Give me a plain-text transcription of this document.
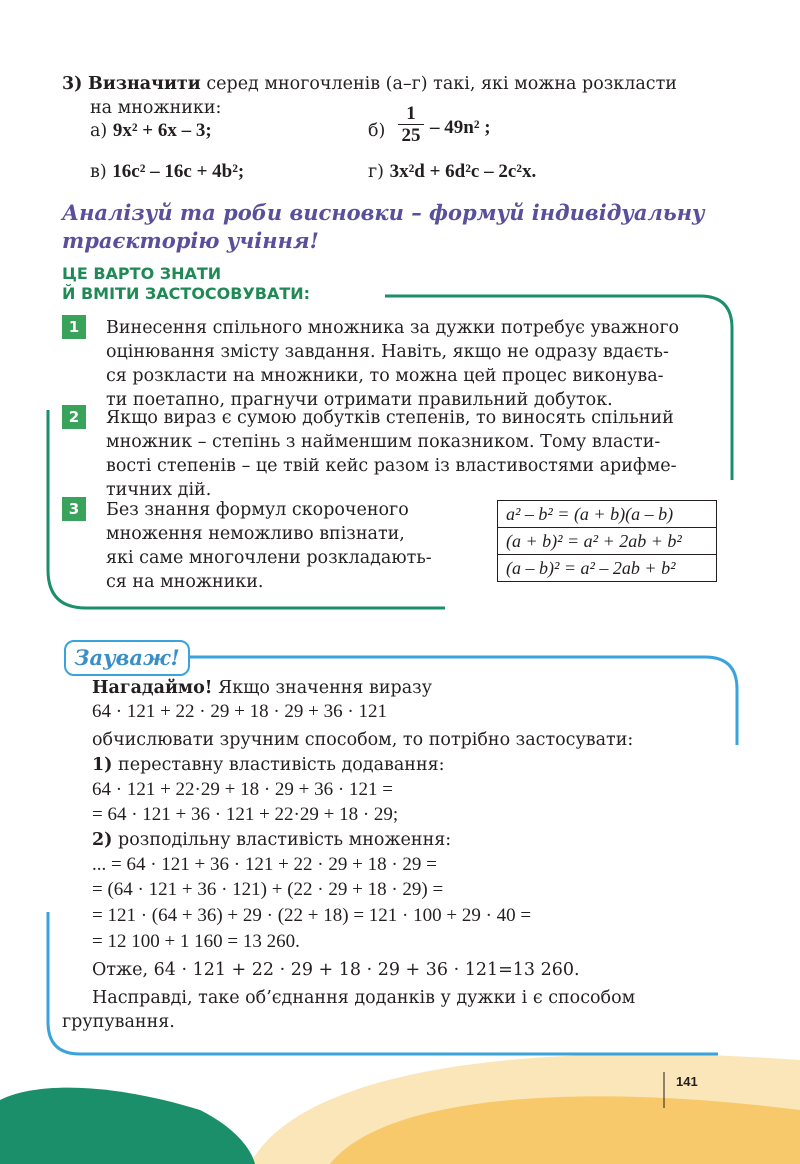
3) Визначити серед многочленів (а–г) такі, які можна розкласти
на множники:
а) 9x² + 6x – 3;	б)
1
25 – 49n² ;
в) 16c² – 16c + 4b²;	г) 3x²d + 6d²c – 2c²x.
Аналізуй та роби висновки – формуй індивідуальну
траєкторію учіння!
ЦЕ ВАРТО ЗНАТИ
Й ВМІТИ ЗАСТОСОВУВАТИ:
1	Винесення спільного множника за дужки потребує уважного
оцінювання змісту завдання. Навіть, якщо не одразу вдаєть-
ся розкласти на множники, то можна цей процес виконува-
ти поетапно, прагнучи отримати правильний добуток.
2	Якщо вираз є сумою добутків степенів, то виносять спільний
множник – степінь з найменшим показником. Тому власти-
вості степенів – це твій кейс разом із властивостями арифме-
тичних дій.
3	Без знання формул скороченого
множення неможливо впізнати,
які саме многочлени розкладають-
ся на множники.
a² – b² = (a + b)(a – b)
(a + b)² = a² + 2ab + b²
(a – b)² = a² – 2ab + b²
Зауваж!
Нагадаймо! Якщо значення виразу
64 · 121 + 22 · 29 + 18 · 29 + 36 · 121
обчислювати зручним способом, то потрібно застосувати:
1) переставну властивість додавання:
64 · 121 + 22·29 + 18 · 29 + 36 · 121 =
= 64 · 121 + 36 · 121 + 22·29 + 18 · 29;
2) розподільну властивість множення:
... = 64 · 121 + 36 · 121 + 22 · 29 + 18 · 29 =
= (64 · 121 + 36 · 121) + (22 · 29 + 18 · 29) =
= 121 · (64 + 36) + 29 · (22 + 18) = 121 · 100 + 29 · 40 =
= 12 100 + 1 160 = 13 260.
Отже, 64 · 121 + 22 · 29 + 18 · 29 + 36 · 121=13 260.
Насправді, таке об’єднання доданків у дужки і є способом
групування.
141
